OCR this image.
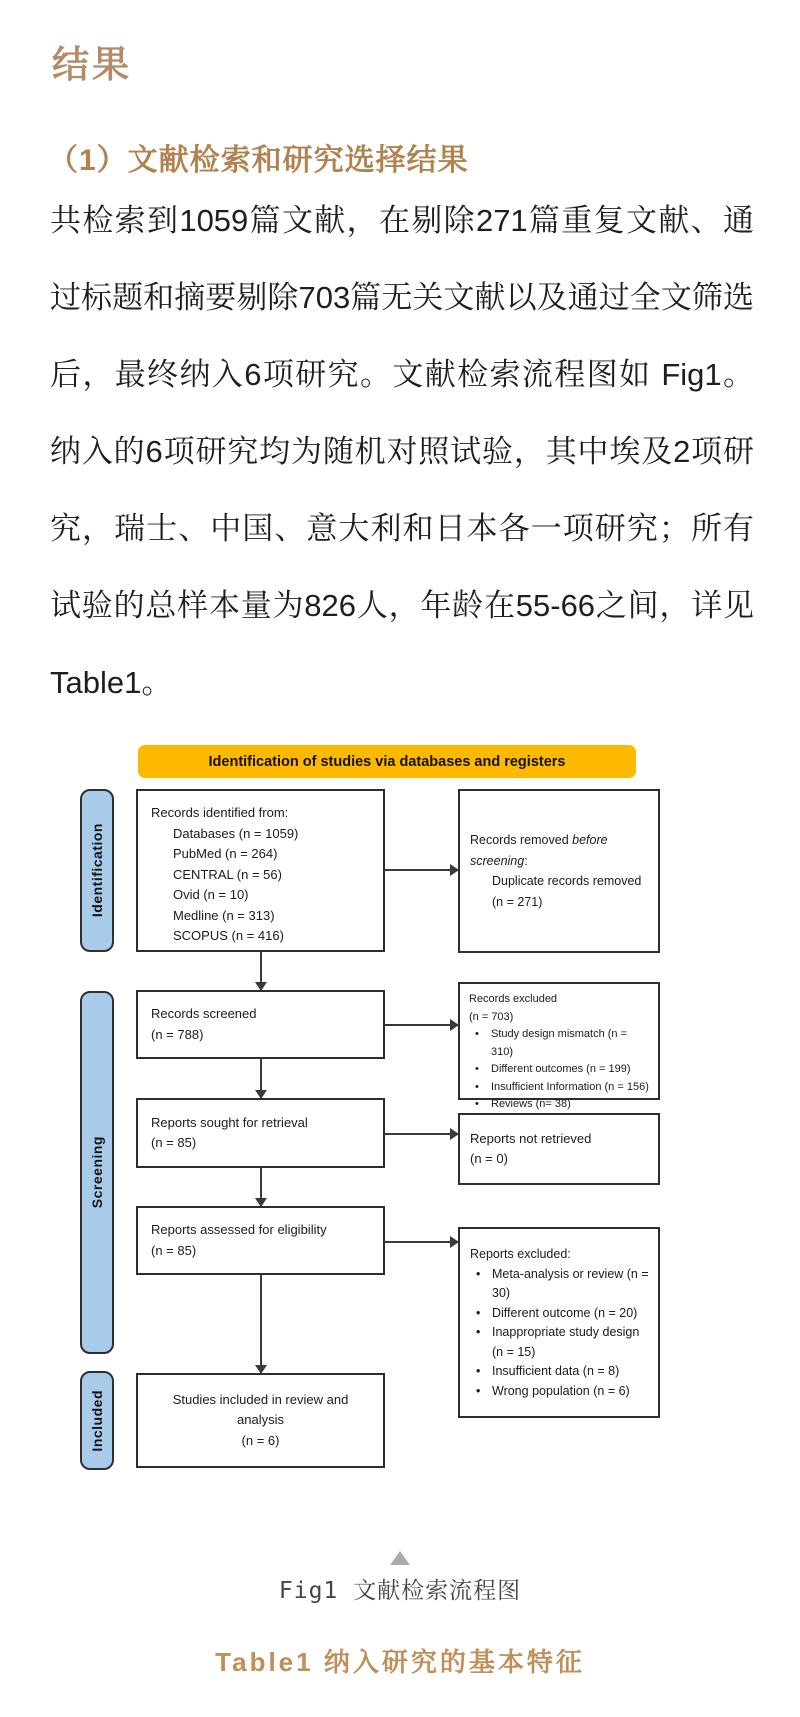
结果
（1）文献检索和研究选择结果
共检索到1059篇文献，在剔除271篇重复文献、通过标题和摘要剔除703篇无关文献以及通过全文筛选后，最终纳入6项研究。文献检索流程图如 Fig1。纳入的6项研究均为随机对照试验，其中埃及2项研究，瑞士、中国、意大利和日本各一项研究；所有试验的总样本量为826人，年龄在55-66之间，详见Table1。
Identification of studies via databases and registers
Identification
Screening
Included
Records identified from:
Databases (n = 1059)
PubMed (n = 264)
CENTRAL (n = 56)
Ovid (n = 10)
Medline (n = 313)
SCOPUS (n = 416)
Records screened
(n = 788)
Reports sought for retrieval
(n = 85)
Reports assessed for eligibility
(n = 85)
Studies included in review and
analysis
(n = 6)
Records removed before screening:
Duplicate records removed (n = 271)
Records excluded
(n = 703)
•	Study design mismatch (n = 310)
•	Different outcomes (n = 199)
•	Insufficient Information (n = 156)
•	Reviews (n= 38)
Reports not retrieved
(n = 0)
Reports excluded:
• Meta-analysis or review (n = 30)
• Different outcome (n = 20)
• Inappropriate study design (n = 15)
• Insufficient data (n = 8)
• Wrong population (n = 6)
Fig1 文献检索流程图
Table1 纳入研究的基本特征
